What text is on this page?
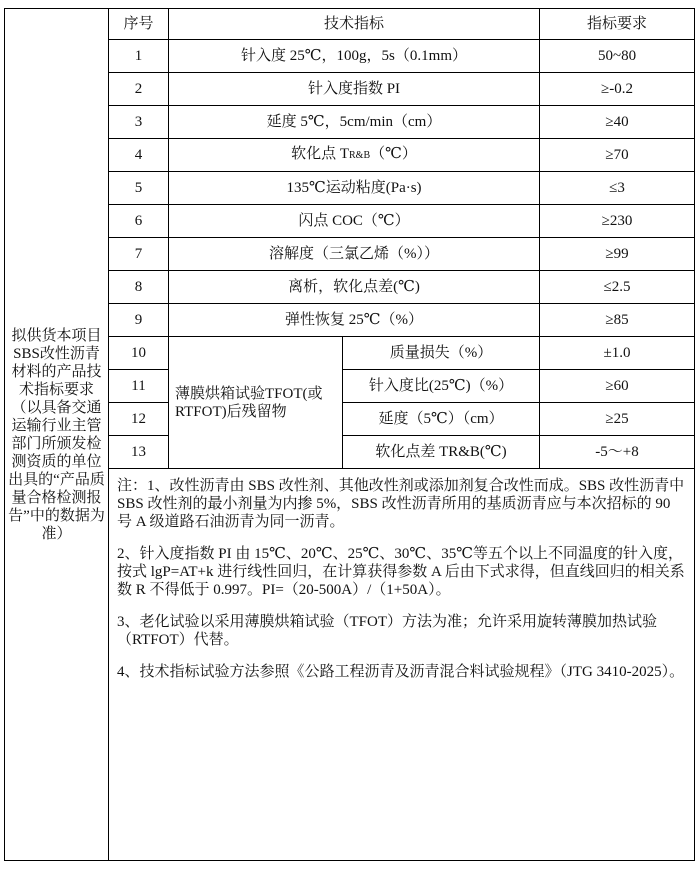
拟供货本项目SBS改性沥青材料的产品技术指标要求（以具备交通运输行业主管部门所颁发检测资质的单位出具的“产品质量合格检测报告”中的数据为准）	序号	技术指标		指标要求
	1	针入度 25℃，100g，5s（0.1mm）		50~80
	2	针入度指数 PI		≥-0.2
	3	延度 5℃，5cm/min（cm）		≥40
	4	软化点 TR&B（℃）		≥70
	5	135℃运动粘度(Pa·s)		≤3
	6	闪点 COC（℃）		≥230
	7	溶解度（三氯乙烯（%））		≥99
	8	离析，软化点差(℃)		≤2.5
	9	弹性恢复 25℃（%）		≥85
	10	薄膜烘箱试验TFOT(或 RTFOT)后残留物	质量损失（%）	±1.0
	11		针入度比(25℃)（%）	≥60
	12		延度（5℃）（cm）	≥25
	13		软化点差 TR&B(℃)	-5～+8

	注：1、改性沥青由 SBS 改性剂、其他改性剂或添加剂复合改性而成。SBS 改性沥青中 SBS 改性剂的最小剂量为内掺 5%，SBS 改性沥青所用的基质沥青应与本次招标的 90 号 A 级道路石油沥青为同一沥青。

2、针入度指数 PI 由 15℃、20℃、25℃、30℃、35℃等五个以上不同温度的针入度，按式 lgP=AT+k 进行线性回归，在计算获得参数 A 后由下式求得，但直线回归的相关系数 R 不得低于 0.997。PI=（20-500A）/（1+50A）。

3、老化试验以采用薄膜烘箱试验（TFOT）方法为准；允许采用旋转薄膜加热试验（RTFOT）代替。

4、技术指标试验方法参照《公路工程沥青及沥青混合料试验规程》（JTG 3410-2025）。			
